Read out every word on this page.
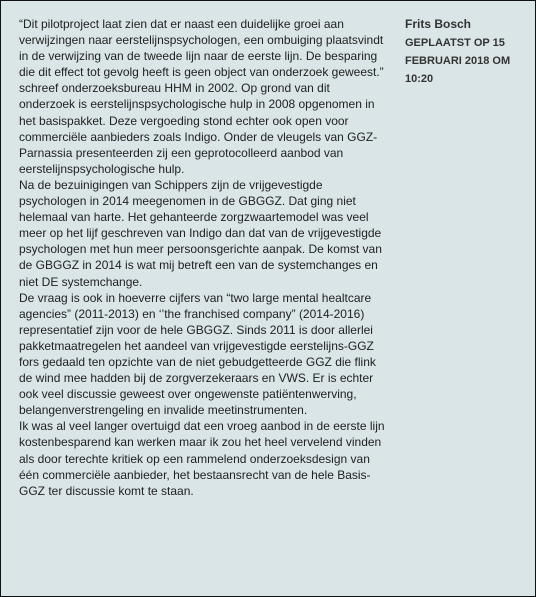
“Dit pilotproject laat zien dat er naast een duidelijke groei aan verwijzingen naar eerstelijnspsychologen, een ombuiging plaatsvindt in de verwijzing van de tweede lijn naar de eerste lijn. De besparing die dit effect tot gevolg heeft is geen object van onderzoek geweest.” schreef onderzoeksbureau HHM in 2002. Op grond van dit onderzoek is eerstelijnspsychologische hulp in 2008 opgenomen in het basispakket. Deze vergoeding stond echter ook open voor commerciële aanbieders zoals Indigo. Onder de vleugels van GGZ-Parnassia presenteerden zij een geprotocolleerd aanbod van eerstelijnspsychologische hulp.

Na de bezuinigingen van Schippers zijn de vrijgevestigde psychologen in 2014 meegenomen in de GBGGZ. Dat ging niet helemaal van harte. Het gehanteerde zorgzwaartemodel was veel meer op het lijf geschreven van Indigo dan dat van de vrijgevestigde psychologen met hun meer persoonsgerichte aanpak. De komst van de GBGGZ in 2014 is wat mij betreft een van de systemchanges en niet DE systemchange.

De vraag is ook in hoeverre cijfers van “two large mental healtcare agencies” (2011-2013) en ‘’the franchised company” (2014-2016) representatief zijn voor de hele GBGGZ. Sinds 2011 is door allerlei pakketmaatregelen het aandeel van vrijgevestigde eerstelijns-GGZ fors gedaald ten opzichte van de niet gebudgetteerde GGZ die flink de wind mee hadden bij de zorgverzekeraars en VWS. Er is echter ook veel discussie geweest over ongewenste patiëntenwerving, belangenverstrengeling en invalide meetinstrumenten.

Ik was al veel langer overtuigd dat een vroeg aanbod in de eerste lijn kostenbesparend kan werken maar ik zou het heel vervelend vinden als door terechte kritiek op een rammelend onderzoeksdesign van één commerciële aanbieder, het bestaansrecht van de hele Basis-GGZ ter discussie komt te staan.

Frits Bosch
GEPLAATST OP 15 FEBRUARI 2018 OM 10:20
